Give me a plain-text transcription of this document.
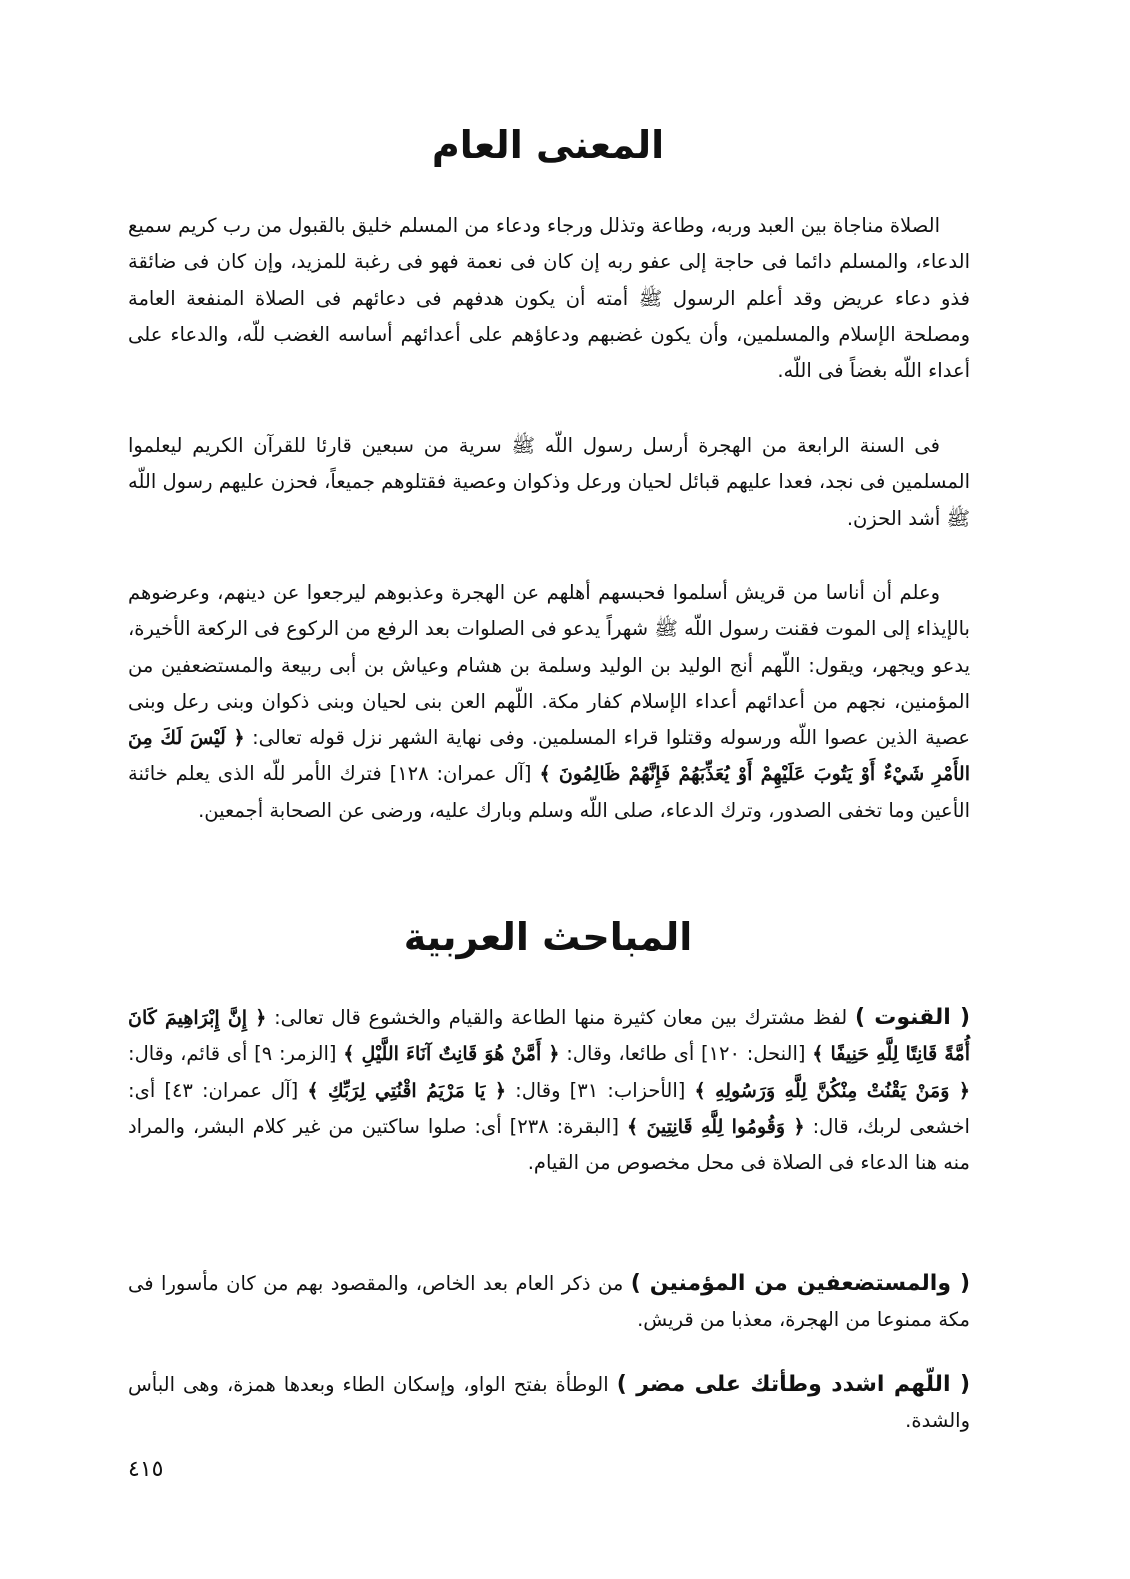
المعنى العام

الصلاة مناجاة بين العبد وربه، وطاعة وتذلل ورجاء ودعاء من المسلم خليق بالقبول من رب كريم سميع الدعاء، والمسلم دائما فى حاجة إلى عفو ربه إن كان فى نعمة فهو فى رغبة للمزيد، وإن كان فى ضائقة فذو دعاء عريض وقد أعلم الرسول ﷺ أمته أن يكون هدفهم فى دعائهم فى الصلاة المنفعة العامة ومصلحة الإسلام والمسلمين، وأن يكون غضبهم ودعاؤهم على أعدائهم أساسه الغضب للّه، والدعاء على أعداء اللّه بغضاً فى اللّه.

فى السنة الرابعة من الهجرة أرسل رسول اللّه ﷺ سرية من سبعين قارئا للقرآن الكريم ليعلموا المسلمين فى نجد، فعدا عليهم قبائل لحيان ورعل وذكوان وعصية فقتلوهم جميعاً، فحزن عليهم رسول اللّه ﷺ أشد الحزن.

وعلم أن أناسا من قريش أسلموا فحبسهم أهلهم عن الهجرة وعذبوهم ليرجعوا عن دينهم، وعرضوهم بالإيذاء إلى الموت فقنت رسول اللّه ﷺ شهراً يدعو فى الصلوات بعد الرفع من الركوع فى الركعة الأخيرة، يدعو ويجهر، ويقول: اللّهم أنج الوليد بن الوليد وسلمة بن هشام وعياش بن أبى ربيعة والمستضعفين من المؤمنين، نجهم من أعدائهم أعداء الإسلام كفار مكة. اللّهم العن بنى لحيان وبنى ذكوان وبنى رعل وبنى عصية الذين عصوا اللّه ورسوله وقتلوا قراء المسلمين. وفى نهاية الشهر نزل قوله تعالى: ﴿ لَيْسَ لَكَ مِنَ الأَمْرِ شَيْءٌ أَوْ يَتُوبَ عَلَيْهِمْ أَوْ يُعَذِّبَهُمْ فَإِنَّهُمْ ظَالِمُونَ ﴾ [آل عمران: ١٢٨] فترك الأمر للّه الذى يعلم خائنة الأعين وما تخفى الصدور، وترك الدعاء، صلى اللّه وسلم وبارك عليه، ورضى عن الصحابة أجمعين.

المباحث العربية

( القنوت ) لفظ مشترك بين معان كثيرة منها الطاعة والقيام والخشوع قال تعالى: ﴿ إِنَّ إِبْرَاهِيمَ كَانَ أُمَّةً قَانِتًا لِلَّهِ حَنِيفًا ﴾ [النحل: ١٢٠] أى طائعا، وقال: ﴿ أَمَّنْ هُوَ قَانِتٌ آنَاءَ اللَّيْلِ ﴾ [الزمر: ٩] أى قائم، وقال: ﴿ وَمَنْ يَقْنُتْ مِنْكُنَّ لِلَّهِ وَرَسُولِهِ ﴾ [الأحزاب: ٣١] وقال: ﴿ يَا مَرْيَمُ اقْنُتِي لِرَبِّكِ ﴾ [آل عمران: ٤٣] أى: اخشعى لربك، قال: ﴿ وَقُومُوا لِلَّهِ قَانِتِينَ ﴾ [البقرة: ٢٣٨] أى: صلوا ساكتين من غير كلام البشر، والمراد منه هنا الدعاء فى الصلاة فى محل مخصوص من القيام.

( والمستضعفين من المؤمنين ) من ذكر العام بعد الخاص، والمقصود بهم من كان مأسورا فى مكة ممنوعا من الهجرة، معذبا من قريش.

( اللّهم اشدد وطأتك على مضر ) الوطأة بفتح الواو، وإسكان الطاء وبعدها همزة، وهى البأس والشدة.

٤١٥
